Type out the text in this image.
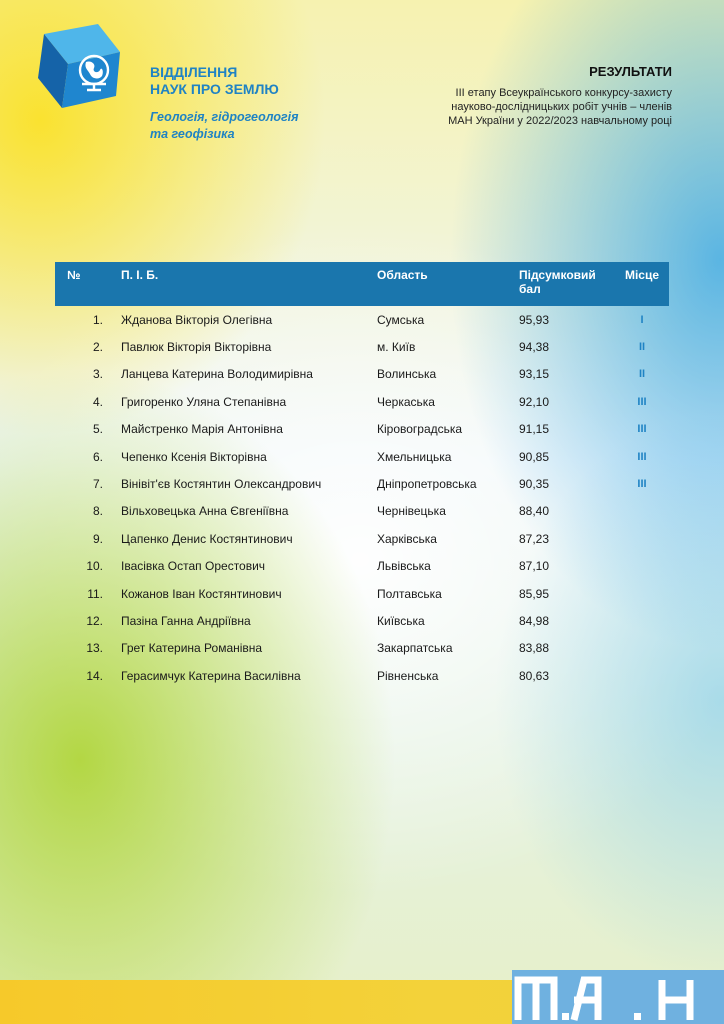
ВІДДІЛЕННЯ
НАУК ПРО ЗЕМЛЮ
Геологія, гідрогеологія
та геофізика
РЕЗУЛЬТАТИ
ІІІ етапу Всеукраїнського конкурсу-захисту
науково-дослідницьких робіт учнів – членів
МАН України у 2022/2023 навчальному році
№	П. І. Б.	Область	Підсумковий
бал	Місце
1.	Жданова Вікторія Олегівна	Сумська	95,93	І
2.	Павлюк Вікторія Вікторівна	м. Київ	94,38	ІІ
3.	Ланцева Катерина Володимирівна	Волинська	93,15	ІІ
4.	Григоренко Уляна Степанівна	Черкаська	92,10	ІІІ
5.	Майстренко Марія Антонівна	Кіровоградська	91,15	ІІІ
6.	Чепенко Ксенія Вікторівна	Хмельницька	90,85	ІІІ
7.	Вінівіт'єв Костянтин Олександрович	Дніпропетровська	90,35	ІІІ
8.	Вільховецька Анна Євгеніївна	Чернівецька	88,40	
9.	Цапенко Денис Костянтинович	Харківська	87,23	
10.	Івасівка Остап Орестович	Львівська	87,10	
11.	Кожанов Іван Костянтинович	Полтавська	85,95	
12.	Пазіна Ганна Андріївна	Київська	84,98	
13.	Грет Катерина Романівна	Закарпатська	83,88	
14.	Герасимчук Катерина Василівна	Рівненська	80,63	
